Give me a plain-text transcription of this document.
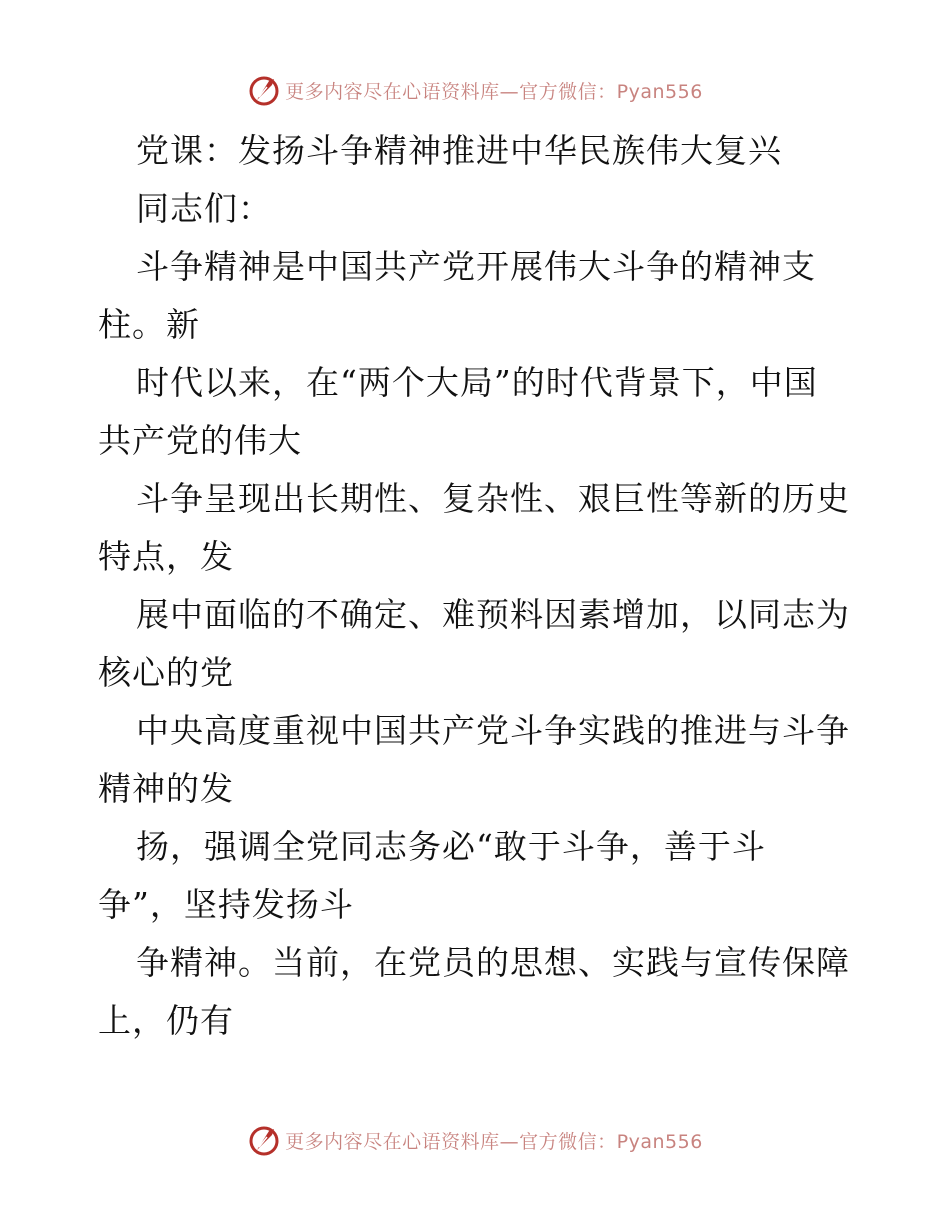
更多内容尽在心语资料库—官方微信：Pyan556
党课：发扬斗争精神推进中华民族伟大复兴
同志们：
斗争精神是中国共产党开展伟大斗争的精神支
柱。新
时代以来，在“两个大局”的时代背景下，中国
共产党的伟大
斗争呈现出长期性、复杂性、艰巨性等新的历史
特点，发
展中面临的不确定、难预料因素增加，以同志为
核心的党
中央高度重视中国共产党斗争实践的推进与斗争
精神的发
扬，强调全党同志务必“敢于斗争，善于斗
争”，坚持发扬斗
争精神。当前，在党员的思想、实践与宣传保障
上，仍有
更多内容尽在心语资料库—官方微信：Pyan556
